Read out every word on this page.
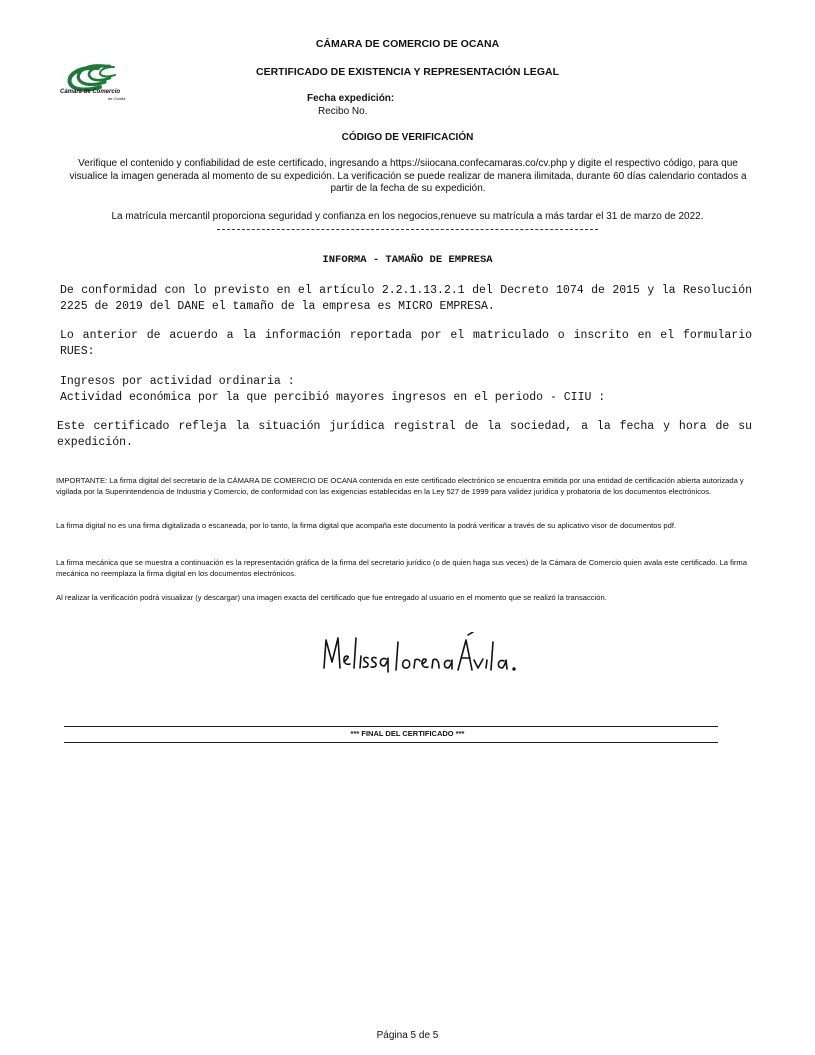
CÁMARA DE COMERCIO DE OCANA
CERTIFICADO DE EXISTENCIA Y REPRESENTACIÓN LEGAL
Cámara de Comercio
de Ocaña	Fecha expedición:
Recibo No.
CÓDIGO DE VERIFICACIÓN
Verifique el contenido y confiabilidad de este certificado, ingresando a https://siiocana.confecamaras.co/cv.php y digite el respectivo código, para que visualice la imagen generada al momento de su expedición. La verificación se puede realizar de manera ilimitada, durante 60 días calendario contados a partir de la fecha de su expedición.
La matrícula mercantil proporciona seguridad y confianza en los negocios,renueve su matrícula a más tardar el 31 de marzo de 2022.
INFORMA - TAMAÑO DE EMPRESA
De conformidad con lo previsto en el artículo 2.2.1.13.2.1 del Decreto 1074 de 2015 y la Resolución 2225 de 2019 del DANE el tamaño de la empresa es MICRO EMPRESA.
Lo anterior de acuerdo a la información reportada por el matriculado o inscrito en el formulario RUES:
Ingresos por actividad ordinaria :
Actividad económica por la que percibió mayores ingresos en el periodo - CIIU :
Este certificado refleja la situación jurídica registral de la sociedad, a la fecha y hora de su expedición.
IMPORTANTE: La firma digital del secretario de la CÁMARA DE COMERCIO DE OCANA contenida en este certificado electrónico se encuentra emitida por una entidad de certificación abierta autorizada y vigilada por la Superintendencia de Industria y Comercio, de conformidad con las exigencias establecidas en la Ley 527 de 1999 para validez jurídica y probatoria de los documentos electrónicos.
La firma digital no es una firma digitalizada o escaneada, por lo tanto, la firma digital que acompaña este documento la podrá verificar a través de su aplicativo visor de documentos pdf.
La firma mecánica que se muestra a continuación es la representación gráfica de la firma del secretario jurídico (o de quien haga sus veces) de la Cámara de Comercio quien avala este certificado. La firma mecánica no reemplaza la firma digital en los documentos electrónicos.
Al realizar la verificación podrá visualizar (y descargar) una imagen exacta del certificado que fue entregado al usuario en el momento que se realizó la transacción.
*** FINAL DEL CERTIFICADO ***
Página 5 de 5
